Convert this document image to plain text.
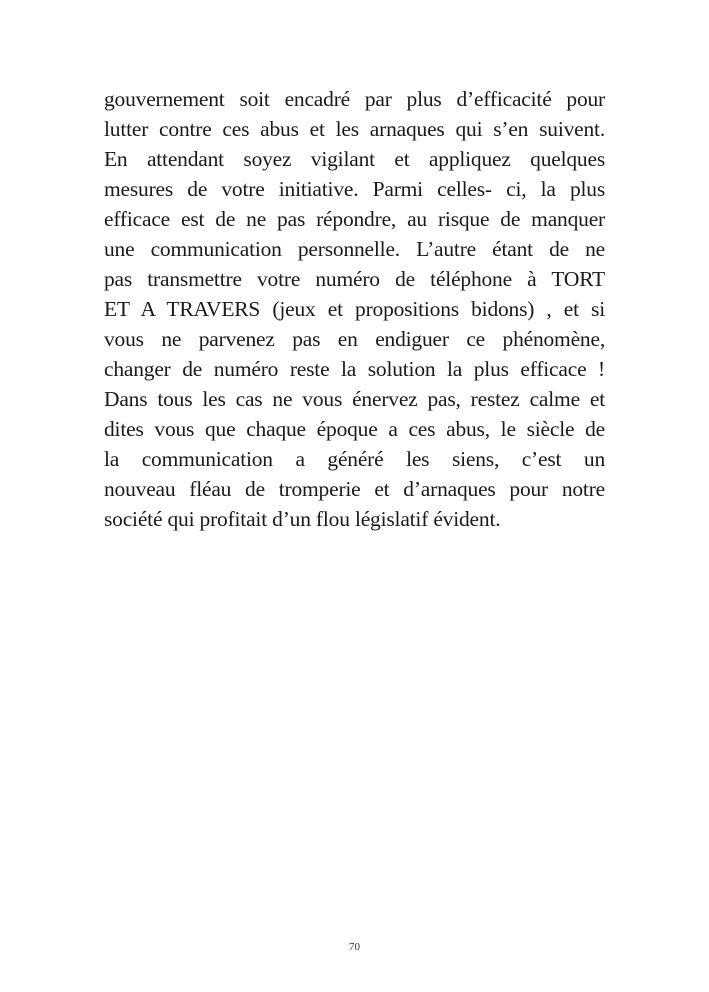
gouvernement soit encadré par plus d’efficacité pour
lutter contre ces abus et les arnaques qui s’en suivent.
En attendant soyez vigilant et appliquez quelques
mesures de votre initiative. Parmi celles- ci, la plus
efficace est de ne pas répondre, au risque de manquer
une communication personnelle. L’autre étant de ne
pas transmettre votre numéro de téléphone à TORT
ET A TRAVERS (jeux et propositions bidons) , et si
vous ne parvenez pas en endiguer ce phénomène,
changer de numéro reste la solution la plus efficace !
Dans tous les cas ne vous énervez pas, restez calme et
dites vous que chaque époque a ces abus, le siècle de
la communication a généré les siens, c’est un
nouveau fléau de tromperie et d’arnaques pour notre
société qui profitait d’un flou législatif évident.
70
